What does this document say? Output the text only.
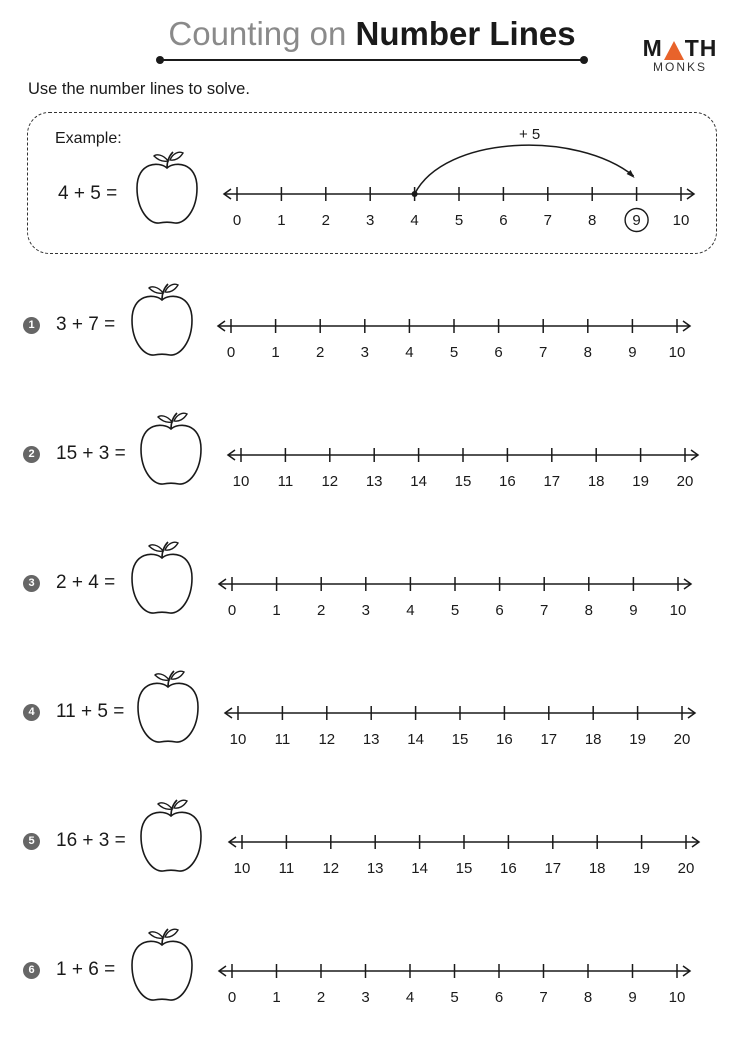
Counting on Number Lines	M TH
MONKS
Use the number lines to solve.
Example:
4 + 5 =
1 3 + 7 =
2 15 + 3 =
3 2 + 4 =
4 11 + 5 =
5 16 + 3 =
6 1 + 6 =
0 1 2 3 4 5 6 7 8 9 10
+ 5
0 1 2 3 4 5 6 7 8 9 10
10 11 12 13 14 15 16 17 18 19 20
0 1 2 3 4 5 6 7 8 9 10
10 11 12 13 14 15 16 17 18 19 20
10 11 12 13 14 15 16 17 18 19 20
0 1 2 3 4 5 6 7 8 9 10
